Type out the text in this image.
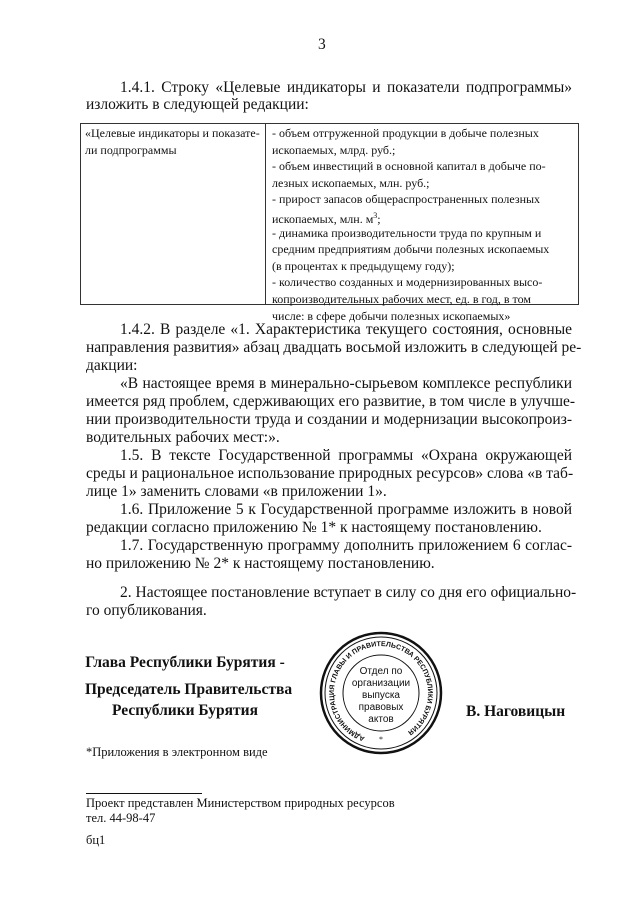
3
1.4.1. Строку «Целевые индикаторы и показатели подпрограммы»
изложить в следующей редакции:
«Целевые индикаторы и показате-
ли подпрограммы
- объем отгруженной продукции в добыче полезных
ископаемых, млрд. руб.;
- объем инвестиций в основной капитал в добыче по-
лезных ископаемых, млн. руб.;
- прирост запасов общераспространенных полезных
ископаемых, млн. $м^3$;
- динамика производительности труда по крупным и
средним предприятиям добычи полезных ископаемых
(в процентах к предыдущему году);
- количество созданных и модернизированных высо-
копроизводительных рабочих мест, ед. в год, в том
числе: в сфере добычи полезных ископаемых»
1.4.2. В разделе «1. Характеристика текущего состояния, основные
направления развития» абзац двадцать восьмой изложить в следующей ре-
дакции:
«В настоящее время в минерально-сырьевом комплексе республики
имеется ряд проблем, сдерживающих его развитие, в том числе в улучше-
нии производительности труда и создании и модернизации высокопроиз-
водительных рабочих мест:».
1.5. В тексте Государственной программы «Охрана окружающей
среды и рациональное использование природных ресурсов» слова «в таб-
лице 1» заменить словами «в приложении 1».
1.6. Приложение 5 к Государственной программе изложить в новой
редакции согласно приложению № 1* к настоящему постановлению.
1.7. Государственную программу дополнить приложением 6 соглас-
но приложению № 2* к настоящему постановлению.
2. Настоящее постановление вступает в силу со дня его официально-
го опубликования.
Глава Республики Бурятия -
Председатель Правительства
Республики Бурятия	В. Наговицын
АДМИНИСТРАЦИЯ ГЛАВЫ И ПРАВИТЕЛЬСТВА РЕСПУБЛИКИ БУРЯТИЯ
*
Отдел по
организации
выпуска
правовых
актов
*Приложения в электронном виде
Проект представлен Министерством природных ресурсов
тел. 44-98-47
бц1
